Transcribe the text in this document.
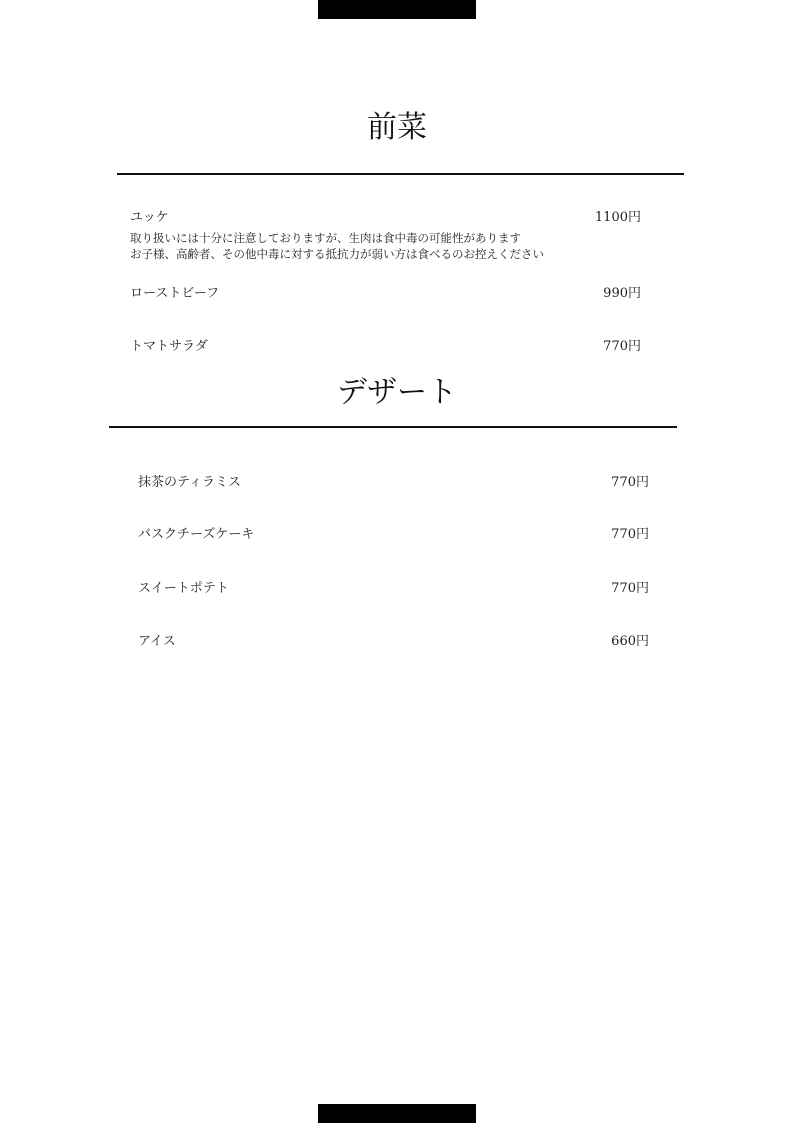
前菜
ユッケ	1100円
取り扱いには十分に注意しておりますが、生肉は食中毒の可能性があります
お子様、高齢者、その他中毒に対する抵抗力が弱い方は食べるのお控えください
ローストビーフ	990円
トマトサラダ	770円
デザート
抹茶のティラミス	770円
バスクチーズケーキ	770円
スイートポテト	770円
アイス	660円
